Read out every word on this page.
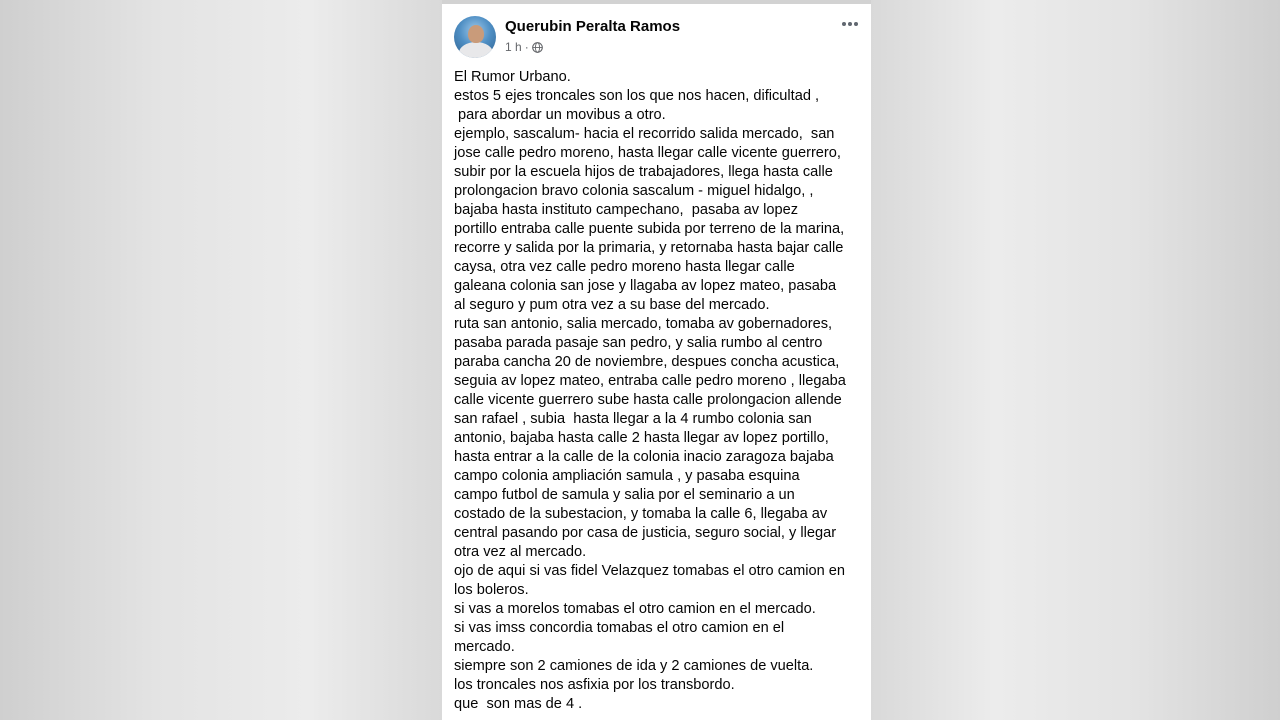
Querubin Peralta Ramos
1 h ·
El Rumor Urbano.
estos 5 ejes troncales son los que nos hacen, dificultad ,
para abordar un movibus a otro.
ejemplo, sascalum- hacia el recorrido salida mercado,  san
jose calle pedro moreno, hasta llegar calle vicente guerrero,
subir por la escuela hijos de trabajadores, llega hasta calle
prolongacion bravo colonia sascalum - miguel hidalgo, ,
bajaba hasta instituto campechano,  pasaba av lopez
portillo entraba calle puente subida por terreno de la marina,
recorre y salida por la primaria, y retornaba hasta bajar calle
caysa, otra vez calle pedro moreno hasta llegar calle
galeana colonia san jose y llagaba av lopez mateo, pasaba
al seguro y pum otra vez a su base del mercado.
ruta san antonio, salia mercado, tomaba av gobernadores,
pasaba parada pasaje san pedro, y salia rumbo al centro
paraba cancha 20 de noviembre, despues concha acustica,
seguia av lopez mateo, entraba calle pedro moreno , llegaba
calle vicente guerrero sube hasta calle prolongacion allende
san rafael , subia  hasta llegar a la 4 rumbo colonia san
antonio, bajaba hasta calle 2 hasta llegar av lopez portillo,
hasta entrar a la calle de la colonia inacio zaragoza bajaba
campo colonia ampliación samula , y pasaba esquina
campo futbol de samula y salia por el seminario a un
costado de la subestacion, y tomaba la calle 6, llegaba av
central pasando por casa de justicia, seguro social, y llegar
otra vez al mercado.
ojo de aqui si vas fidel Velazquez tomabas el otro camion en
los boleros.
si vas a morelos tomabas el otro camion en el mercado.
si vas imss concordia tomabas el otro camion en el
mercado.
siempre son 2 camiones de ida y 2 camiones de vuelta.
los troncales nos asfixia por los transbordo.
que  son mas de 4 .
